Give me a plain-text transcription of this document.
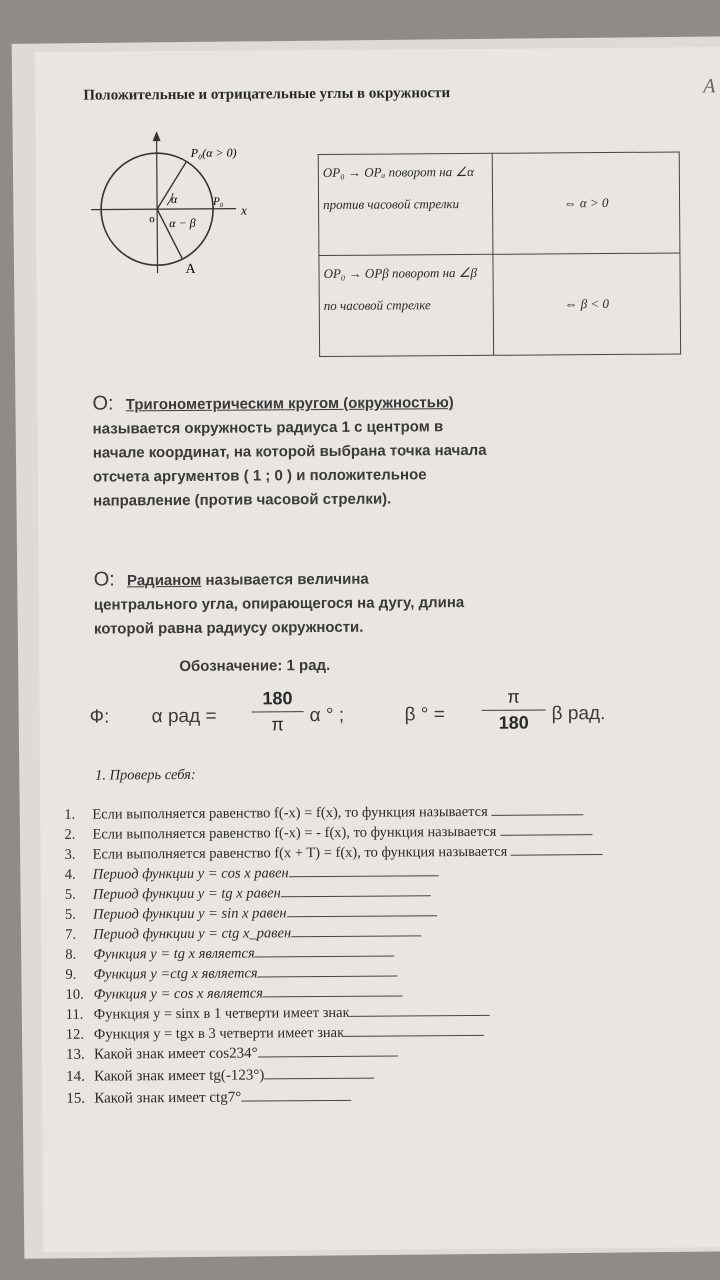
Положительные и отрицательные углы в окружности	A
P₀(α > 0)
x
α
α − β
o
P₀
A
OP₀ → OPₐ поворот на ∠α против часовой стрелки	⇔ α > 0
OP₀ → OPβ поворот на ∠β по часовой стрелке	⇔ β < 0
О: Тригонометрическим кругом (окружностью) называется окружность радиуса 1 с центром в начале координат, на которой выбрана точка начала отсчета аргументов ( 1 ; 0 ) и положительное направление (против часовой стрелки).
О: Радианом называется величина центрального угла, опирающегося на дугу, длина которой равна радиусу окружности.
Обозначение: 1 рад.
Ф: α рад =
180
π	α ° ;	β ° =
π
180	β рад.
1. Проверь себя:
1. Если выполняется равенство f(-x) = f(x), то функция называется
2. Если выполняется равенство f(-x) = - f(x), то функция называется
3. Если выполняется равенство f(x + T) = f(x), то функция называется
4. Период функции y = cos x равен
5. Период функции y = tg x равен
5. Период функции y = sin x равен
7. Период функции y = ctg x_равен
8. Функция y = tg x является
9. Функция y =ctg x является
10. Функция y = cos x является
11. Функция y = sinx в 1 четверти имеет знак
12. Функция y = tgx в 3 четверти имеет знак
13. Какой знак имеет cos234°
14. Какой знак имеет tg(-123°)
15. Какой знак имеет ctg7°
